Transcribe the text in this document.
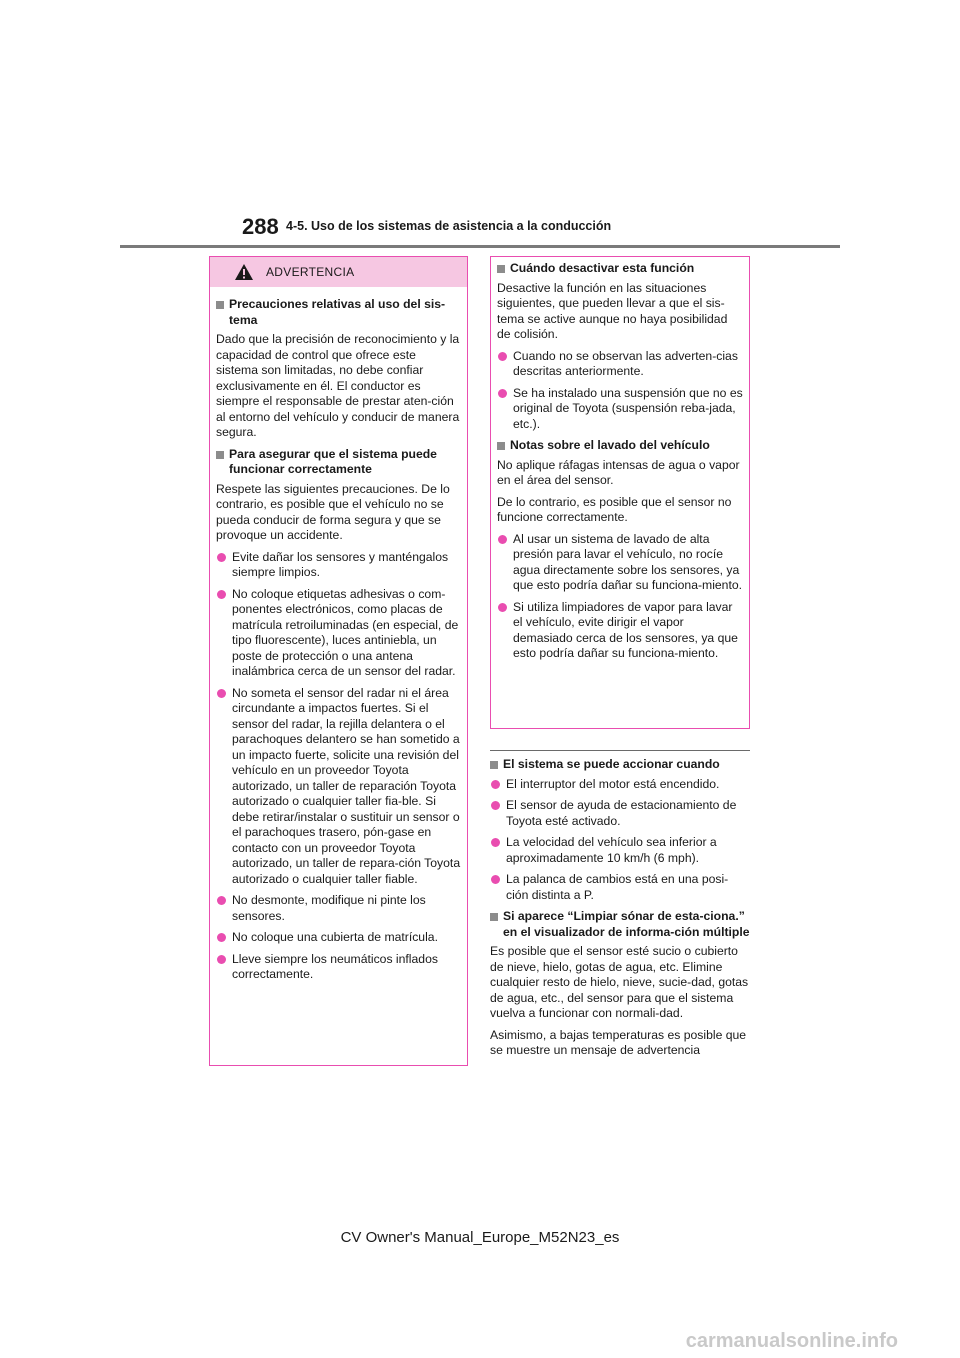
288 4-5. Uso de los sistemas de asistencia a la conducción
ADVERTENCIA
Precauciones relativas al uso del sis-tema

Dado que la precisión de reconocimiento y la capacidad de control que ofrece este sistema son limitadas, no debe confiar exclusivamente en él. El conductor es siempre el responsable de prestar aten-ción al entorno del vehículo y conducir de manera segura.

Para asegurar que el sistema puede funcionar correctamente

Respete las siguientes precauciones. De lo contrario, es posible que el vehículo no se pueda conducir de forma segura y que se provoque un accidente.

Evite dañar los sensores y manténgalos siempre limpios.
No coloque etiquetas adhesivas o com-ponentes electrónicos, como placas de matrícula retroiluminadas (en especial, de tipo fluorescente), luces antiniebla, un poste de protección o una antena inalámbrica cerca de un sensor del radar.
No someta el sensor del radar ni el área circundante a impactos fuertes. Si el sensor del radar, la rejilla delantera o el parachoques delantero se han sometido a un impacto fuerte, solicite una revisión del vehículo en un proveedor Toyota autorizado, un taller de reparación Toyota autorizado o cualquier taller fia-ble. Si debe retirar/instalar o sustituir un sensor o el parachoques trasero, pón-gase en contacto con un proveedor Toyota autorizado, un taller de repara-ción Toyota autorizado o cualquier taller fiable.
No desmonte, modifique ni pinte los sensores.
No coloque una cubierta de matrícula.
Lleve siempre los neumáticos inflados correctamente.
Cuándo desactivar esta función

Desactive la función en las situaciones siguientes, que pueden llevar a que el sis-tema se active aunque no haya posibilidad de colisión.

Cuando no se observan las adverten-cias descritas anteriormente.
Se ha instalado una suspensión que no es original de Toyota (suspensión reba-jada, etc.).
Notas sobre el lavado del vehículo

No aplique ráfagas intensas de agua o vapor en el área del sensor.

De lo contrario, es posible que el sensor no funcione correctamente.

Al usar un sistema de lavado de alta presión para lavar el vehículo, no rocíe agua directamente sobre los sensores, ya que esto podría dañar su funciona-miento.
Si utiliza limpiadores de vapor para lavar el vehículo, evite dirigir el vapor demasiado cerca de los sensores, ya que esto podría dañar su funciona-miento.
El sistema se puede accionar cuando
El interruptor del motor está encendido.
El sensor de ayuda de estacionamiento de Toyota esté activado.
La velocidad del vehículo sea inferior a aproximadamente 10 km/h (6 mph).
La palanca de cambios está en una posi-ción distinta a P.
Si aparece “Limpiar sónar de esta-ciona.” en el visualizador de informa-ción múltiple

Es posible que el sensor esté sucio o cubierto de nieve, hielo, gotas de agua, etc. Elimine cualquier resto de hielo, nieve, sucie-dad, gotas de agua, etc., del sensor para que el sistema vuelva a funcionar con normali-dad.

Asimismo, a bajas temperaturas es posible que se muestre un mensaje de advertencia

CV Owner's Manual_Europe_M52N23_es
carmanualsonline.info
